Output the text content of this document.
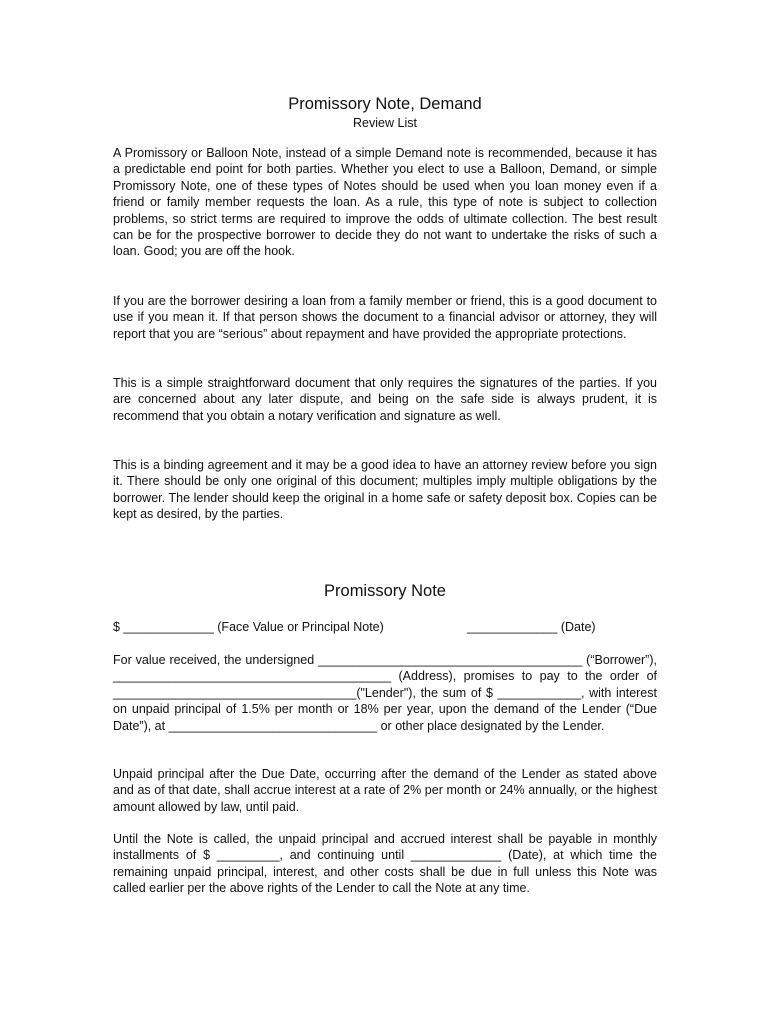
Promissory Note, Demand
Review List

A Promissory or Balloon Note, instead of a simple Demand note is recommended, because it has a predictable end point for both parties. Whether you elect to use a Balloon, Demand, or simple Promissory Note, one of these types of Notes should be used when you loan money even if a friend or family member requests the loan. As a rule, this type of note is subject to collection problems, so strict terms are required to improve the odds of ultimate collection. The best result can be for the prospective borrower to decide they do not want to undertake the risks of such a loan. Good; you are off the hook.

If you are the borrower desiring a loan from a family member or friend, this is a good document to use if you mean it. If that person shows the document to a financial advisor or attorney, they will report that you are “serious” about repayment and have provided the appropriate protections.

This is a simple straightforward document that only requires the signatures of the parties. If you are concerned about any later dispute, and being on the safe side is always prudent, it is recommend that you obtain a notary verification and signature as well.

This is a binding agreement and it may be a good idea to have an attorney review before you sign it. There should be only one original of this document; multiples imply multiple obligations by the borrower. The lender should keep the original in a home safe or safety deposit box. Copies can be kept as desired, by the parties.

Promissory Note
$ _____________ (Face Value or Principal Note)	_____________ (Date)

For value received, the undersigned ______________________________________ (“Borrower”), ________________________________________ (Address), promises to pay to the order of ___________________________________("Lender"), the sum of $ ____________, with interest on unpaid principal of 1.5% per month or 18% per year, upon the demand of the Lender (“Due Date”), at ______________________________ or other place designated by the Lender.

Unpaid principal after the Due Date, occurring after the demand of the Lender as stated above and as of that date, shall accrue interest at a rate of 2% per month or 24% annually, or the highest amount allowed by law, until paid.

Until the Note is called, the unpaid principal and accrued interest shall be payable in monthly installments of $ _________, and continuing until _____________ (Date), at which time the remaining unpaid principal, interest, and other costs shall be due in full unless this Note was called earlier per the above rights of the Lender to call the Note at any time.
